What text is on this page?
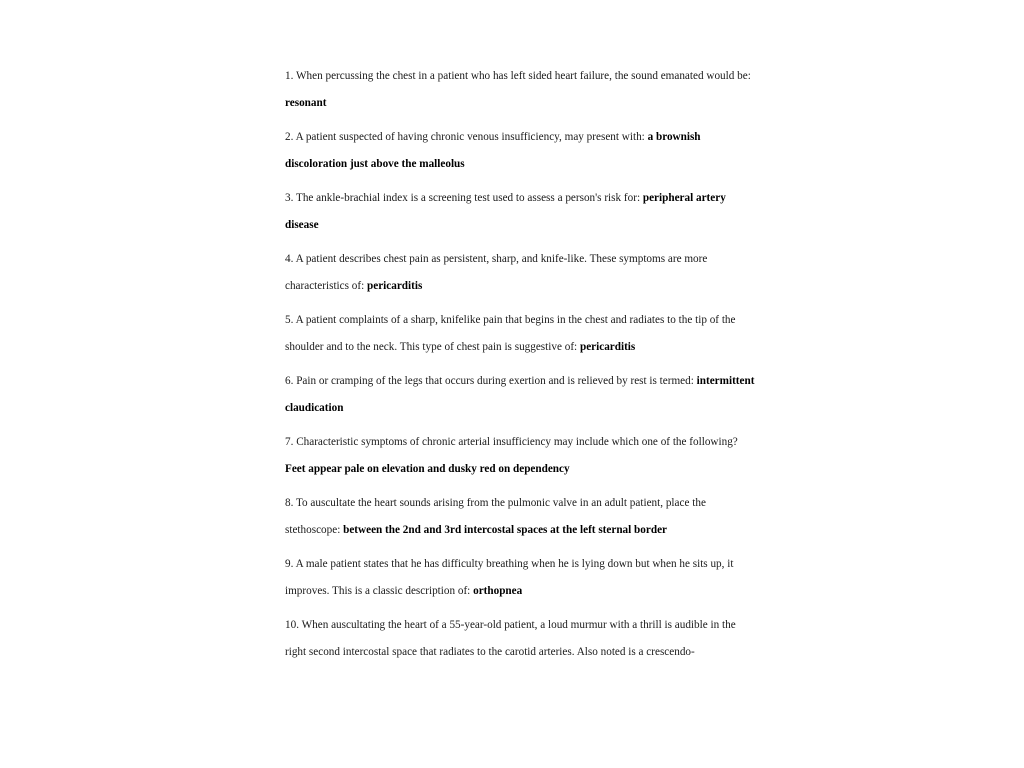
1. When percussing the chest in a patient who has left sided heart failure, the sound emanated would be: resonant

2. A patient suspected of having chronic venous insufficiency, may present with: a brownish discoloration just above the malleolus

3. The ankle-brachial index is a screening test used to assess a person's risk for: peripheral artery disease

4. A patient describes chest pain as persistent, sharp, and knife-like. These symptoms are more characteristics of: pericarditis

5. A patient complaints of a sharp, knifelike pain that begins in the chest and radiates to the tip of the shoulder and to the neck. This type of chest pain is suggestive of: pericarditis

6. Pain or cramping of the legs that occurs during exertion and is relieved by rest is termed: intermittent claudication

7. Characteristic symptoms of chronic arterial insufficiency may include which one of the following? Feet appear pale on elevation and dusky red on dependency

8. To auscultate the heart sounds arising from the pulmonic valve in an adult patient, place the stethoscope: between the 2nd and 3rd intercostal spaces at the left sternal border

9. A male patient states that he has difficulty breathing when he is lying down but when he sits up, it improves. This is a classic description of: orthopnea

10. When auscultating the heart of a 55-year-old patient, a loud murmur with a thrill is audible in the right second intercostal space that radiates to the carotid arteries. Also noted is a crescendo-
